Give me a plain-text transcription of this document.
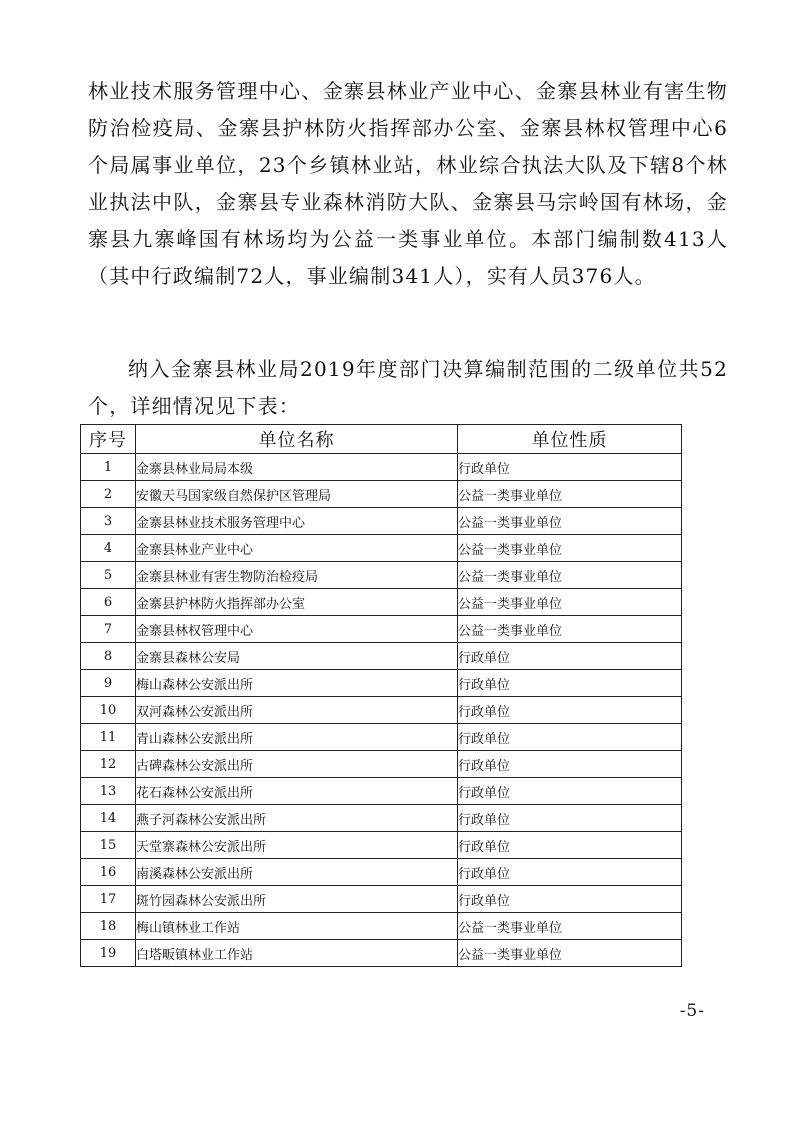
林业技术服务管理中心、金寨县林业产业中心、金寨县林业有害生物防治检疫局、金寨县护林防火指挥部办公室、金寨县林权管理中心6个局属事业单位，23个乡镇林业站，林业综合执法大队及下辖8个林业执法中队，金寨县专业森林消防大队、金寨县马宗岭国有林场，金寨县九寨峰国有林场均为公益一类事业单位。本部门编制数413人（其中行政编制72人，事业编制341人），实有人员376人。

纳入金寨县林业局2019年度部门决算编制范围的二级单位共52个，详细情况见下表：

序号	单位名称	单位性质
1	金寨县林业局局本级	行政单位
2	安徽天马国家级自然保护区管理局	公益一类事业单位
3	金寨县林业技术服务管理中心	公益一类事业单位
4	金寨县林业产业中心	公益一类事业单位
5	金寨县林业有害生物防治检疫局	公益一类事业单位
6	金寨县护林防火指挥部办公室	公益一类事业单位
7	金寨县林权管理中心	公益一类事业单位
8	金寨县森林公安局	行政单位
9	梅山森林公安派出所	行政单位
10	双河森林公安派出所	行政单位
11	青山森林公安派出所	行政单位
12	古碑森林公安派出所	行政单位
13	花石森林公安派出所	行政单位
14	燕子河森林公安派出所	行政单位
15	天堂寨森林公安派出所	行政单位
16	南溪森林公安派出所	行政单位
17	斑竹园森林公安派出所	行政单位
18	梅山镇林业工作站	公益一类事业单位
19	白塔畈镇林业工作站	公益一类事业单位
-5-
